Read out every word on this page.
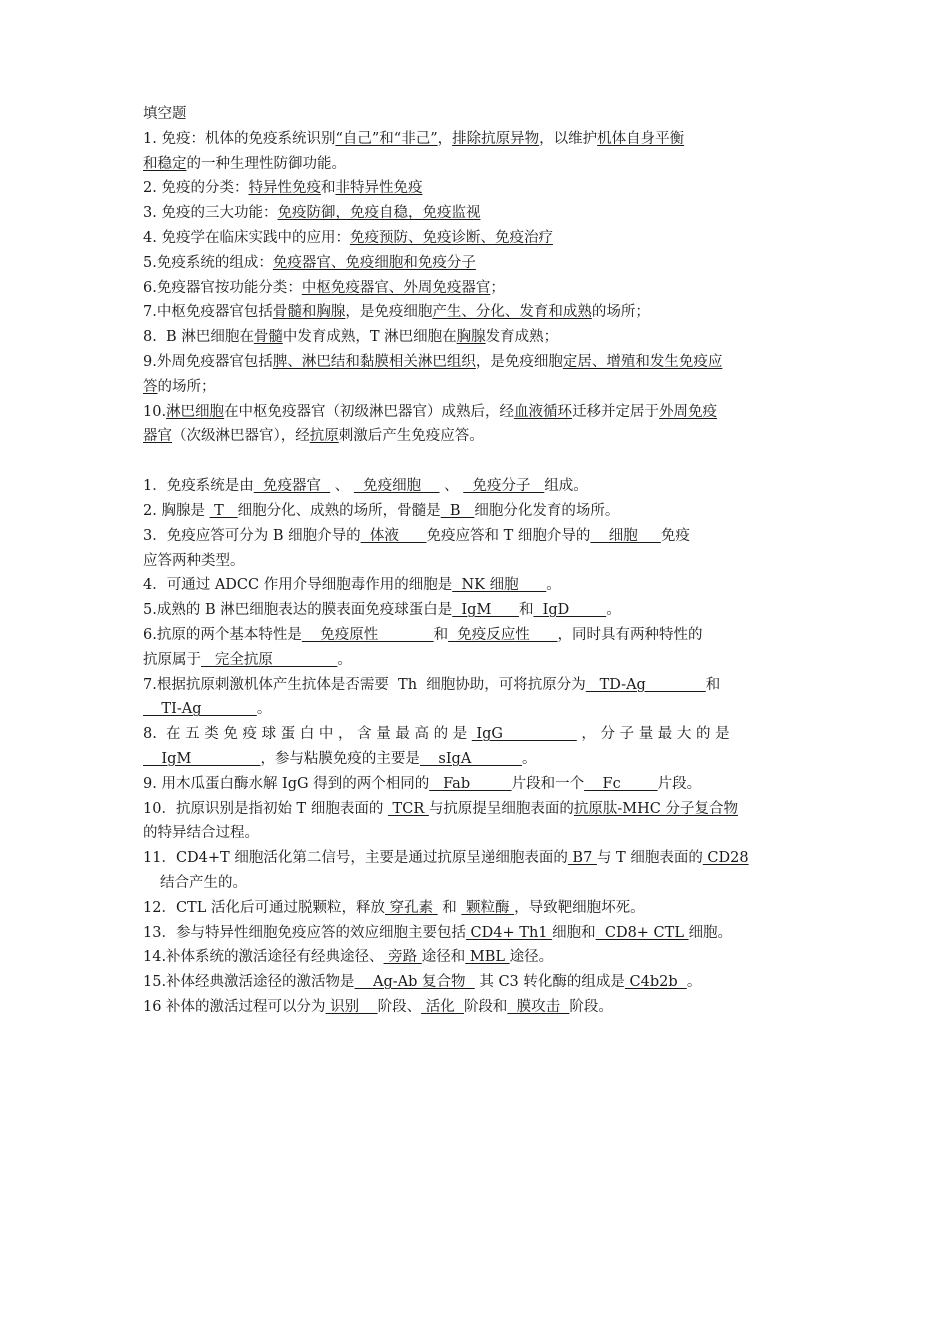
填空题
1. 免疫：机体的免疫系统识别“自己”和“非己”，排除抗原异物，以维护机体自身平衡
和稳定的一种生理性防御功能。
2. 免疫的分类：特异性免疫和非特异性免疫
3. 免疫的三大功能：免疫防御，免疫自稳，免疫监视
4. 免疫学在临床实践中的应用：免疫预防、免疫诊断、免疫治疗
5.免疫系统的组成：免疫器官、免疫细胞和免疫分子
6.免疫器官按功能分类：中枢免疫器官、外周免疫器官；
7.中枢免疫器官包括骨髓和胸腺，是免疫细胞产生、分化、发育和成熟的场所；
8.  B 淋巴细胞在骨髓中发育成熟，T 淋巴细胞在胸腺发育成熟；
9.外周免疫器官包括脾、淋巴结和黏膜相关淋巴组织，是免疫细胞定居、增殖和发生免疫应
答的场所；
10.淋巴细胞在中枢免疫器官（初级淋巴器官）成熟后，经血液循环迁移并定居于外周免疫
器官（次级淋巴器官），经抗原刺激后产生免疫应答。
1．免疫系统是由  免疫器官   、   免疫细胞     、   免疫分子   组成。
2. 胸腺是  T   细胞分化、成熟的场所，骨髓是  B   细胞分化发育的场所。
3．免疫应答可分为 B 细胞介导的  体液      免疫应答和 T 细胞介导的    细胞     免疫
应答两种类型。
4．可通过 ADCC 作用介导细胞毒作用的细胞是  NK 细胞      。
5.成熟的 B 淋巴细胞表达的膜表面免疫球蛋白是  IgM      和  IgD        。
6.抗原的两个基本特性是    免疫原性            和  免疫反应性      ，同时具有两种特性的
抗原属于   完全抗原              。
7.根据抗原刺激机体产生抗体是否需要  Th  细胞协助，可将抗原分为   TD-Ag             和
TI-Ag            。
8.  在 五 类 免 疫 球 蛋 白 中 ， 含 量 最 高 的 是  IgG                 ， 分 子 量 最 大 的 是
IgM               ，参与粘膜免疫的主要是    sIgA           。
9. 用木瓜蛋白酶水解 IgG 得到的两个相同的   Fab         片段和一个    Fc        片段。
10．抗原识别是指初始 T 细胞表面的  TCR 与抗原提呈细胞表面的抗原肽-MHC 分子复合物
的特异结合过程。
11．CD4+T 细胞活化第二信号，主要是通过抗原呈递细胞表面的 B7 与 T 细胞表面的 CD28
结合产生的。
12．CTL 活化后可通过脱颗粒，释放 穿孔素  和  颗粒酶 ，导致靶细胞坏死。
13．参与特异性细胞免疫应答的效应细胞主要包括 CD4+ Th1 细胞和  CD8+ CTL 细胞。
14.补体系统的激活途径有经典途径、 旁路 途径和 MBL 途径。
15.补体经典激活途径的激活物是    Ag-Ab 复合物   其 C3 转化酶的组成是 C4b2b  。
16 补体的激活过程可以分为 识别    阶段、 活化  阶段和  膜攻击  阶段。
